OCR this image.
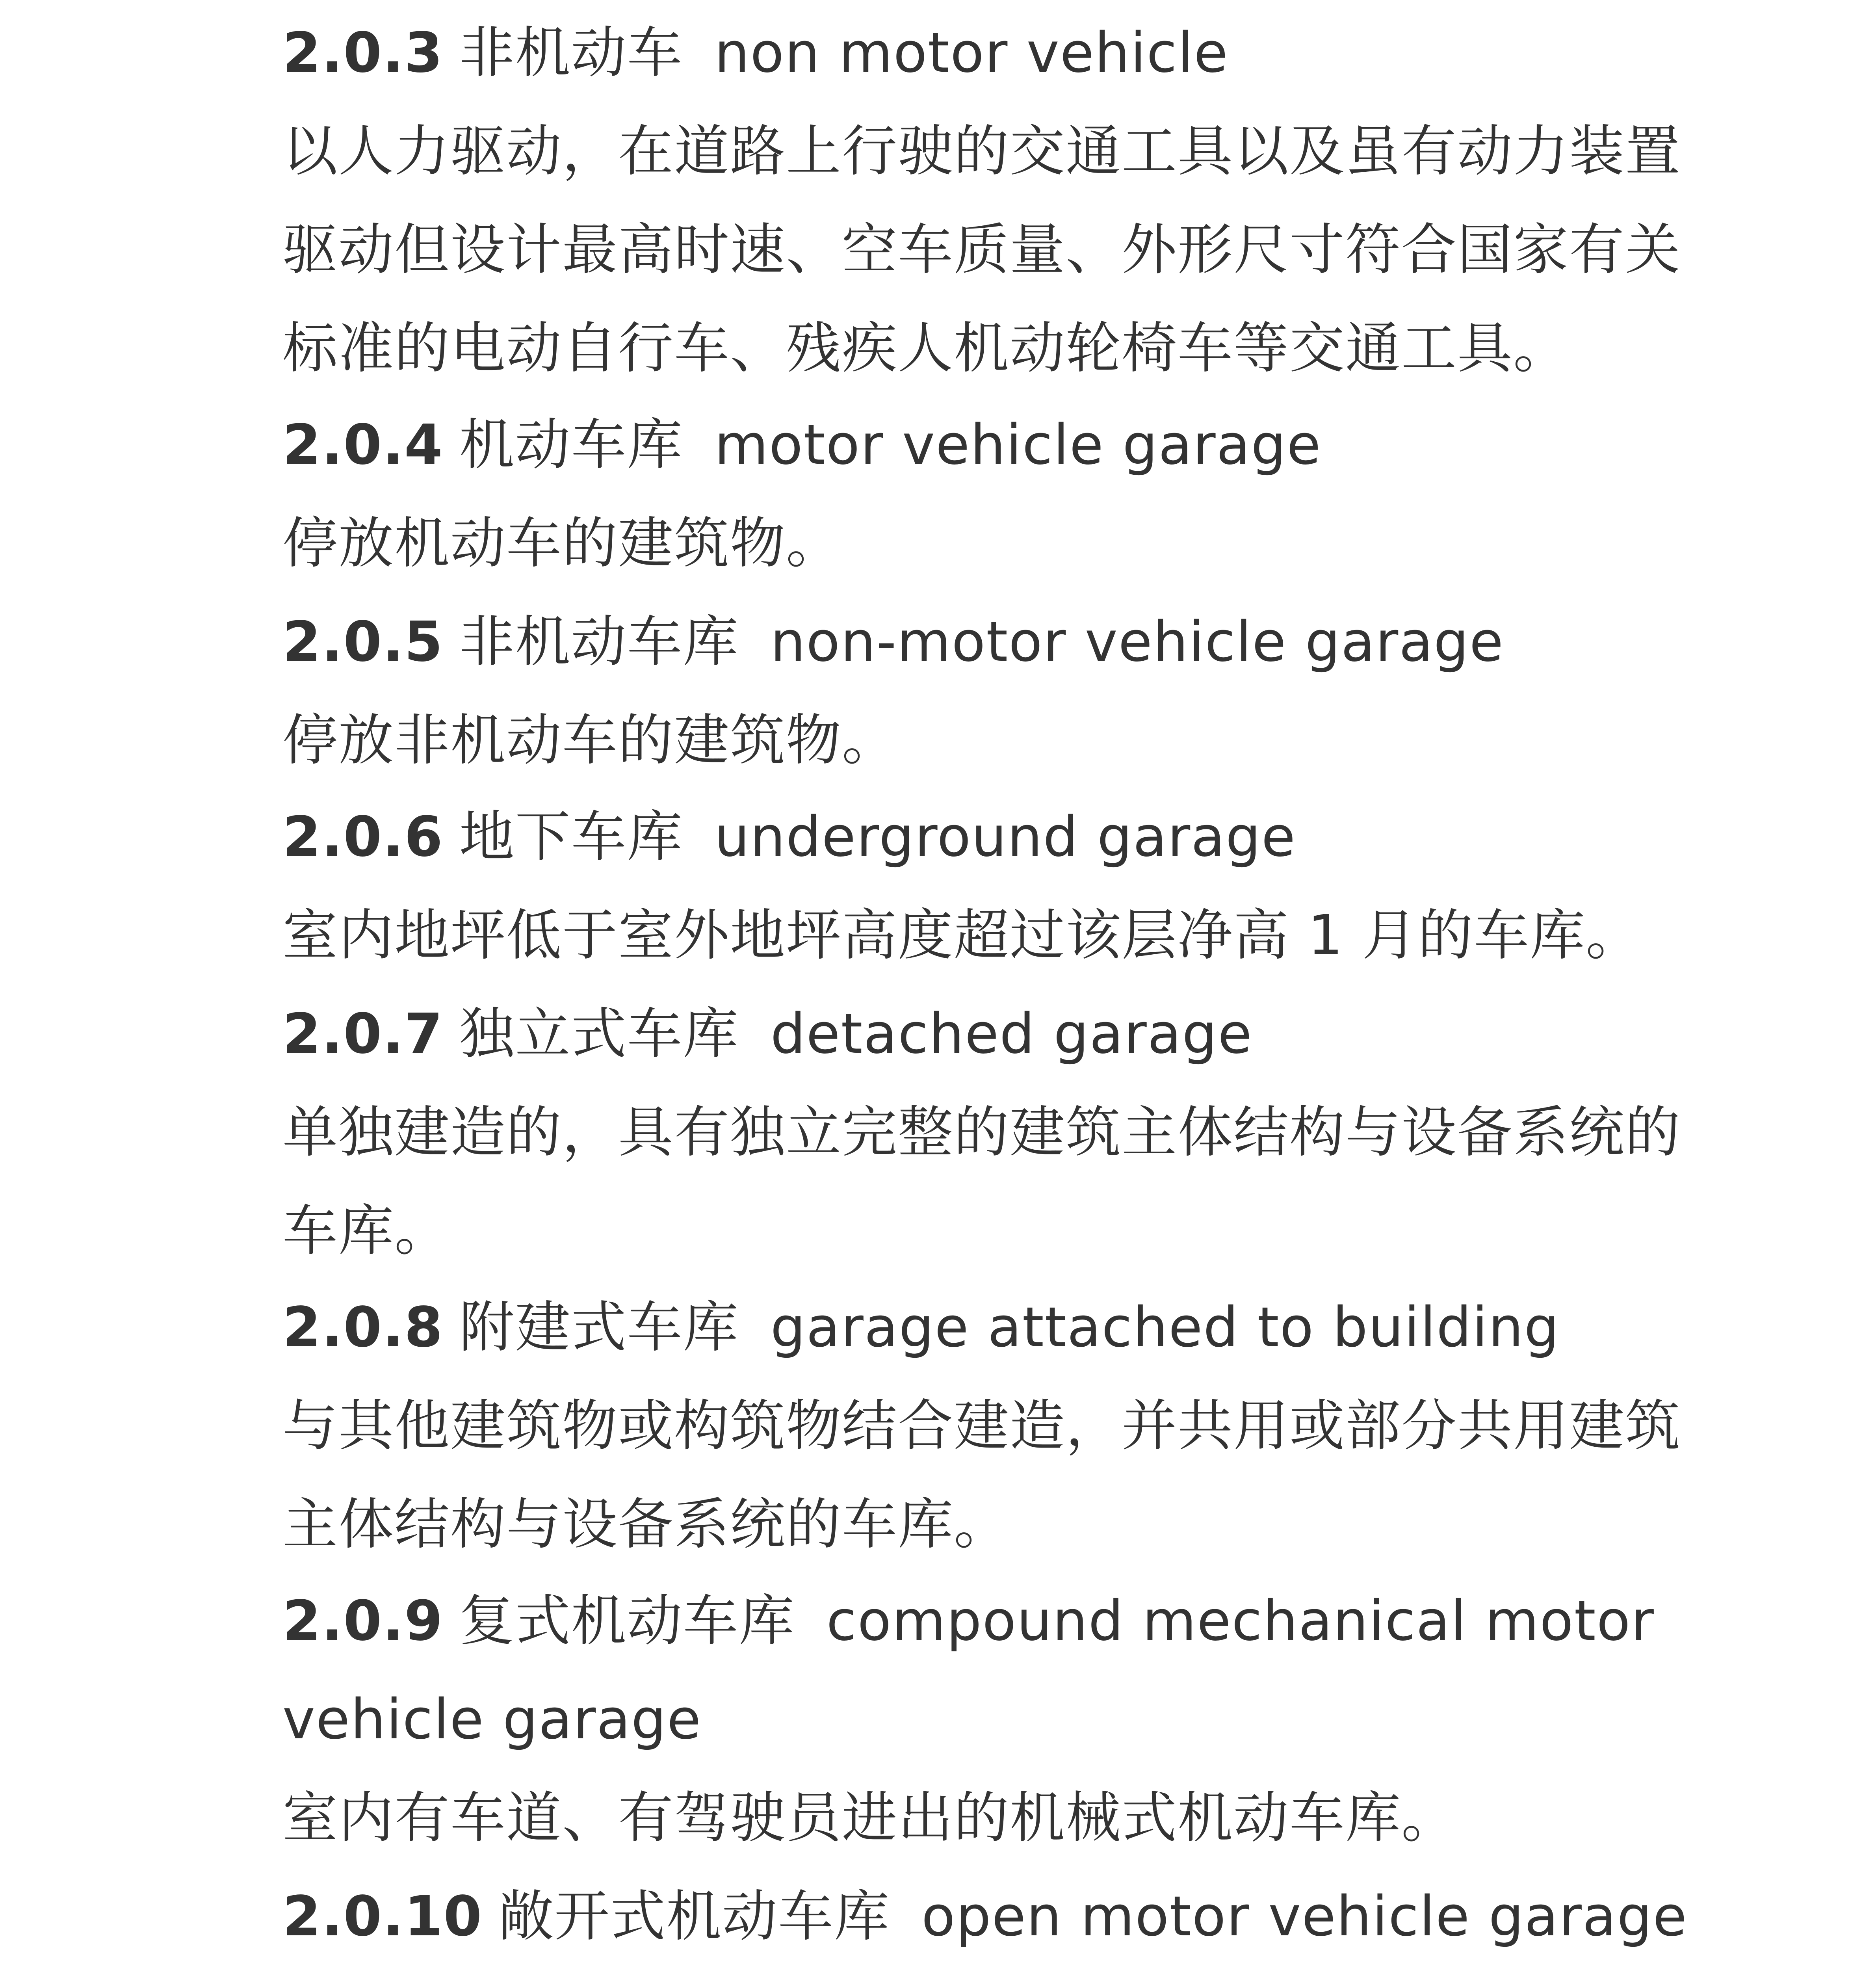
2.0.3 非机动车 non motor vehicle
以人力驱动，在道路上行驶的交通工具以及虽有动力装置
驱动但设计最高时速、空车质量、外形尺寸符合国家有关
标准的电动自行车、残疾人机动轮椅车等交通工具。
2.0.4 机动车库 motor vehicle garage
停放机动车的建筑物。
2.0.5 非机动车库 non-motor vehicle garage
停放非机动车的建筑物。
2.0.6 地下车库 underground garage
室内地坪低于室外地坪高度超过该层净高 1 月的车库。
2.0.7 独立式车库 detached garage
单独建造的，具有独立完整的建筑主体结构与设备系统的
车库。
2.0.8 附建式车库 garage attached to building
与其他建筑物或构筑物结合建造，并共用或部分共用建筑
主体结构与设备系统的车库。
2.0.9 复式机动车库 compound mechanical motor
vehicle garage
室内有车道、有驾驶员进出的机械式机动车库。
2.0.10 敞开式机动车库 open motor vehicle garage
